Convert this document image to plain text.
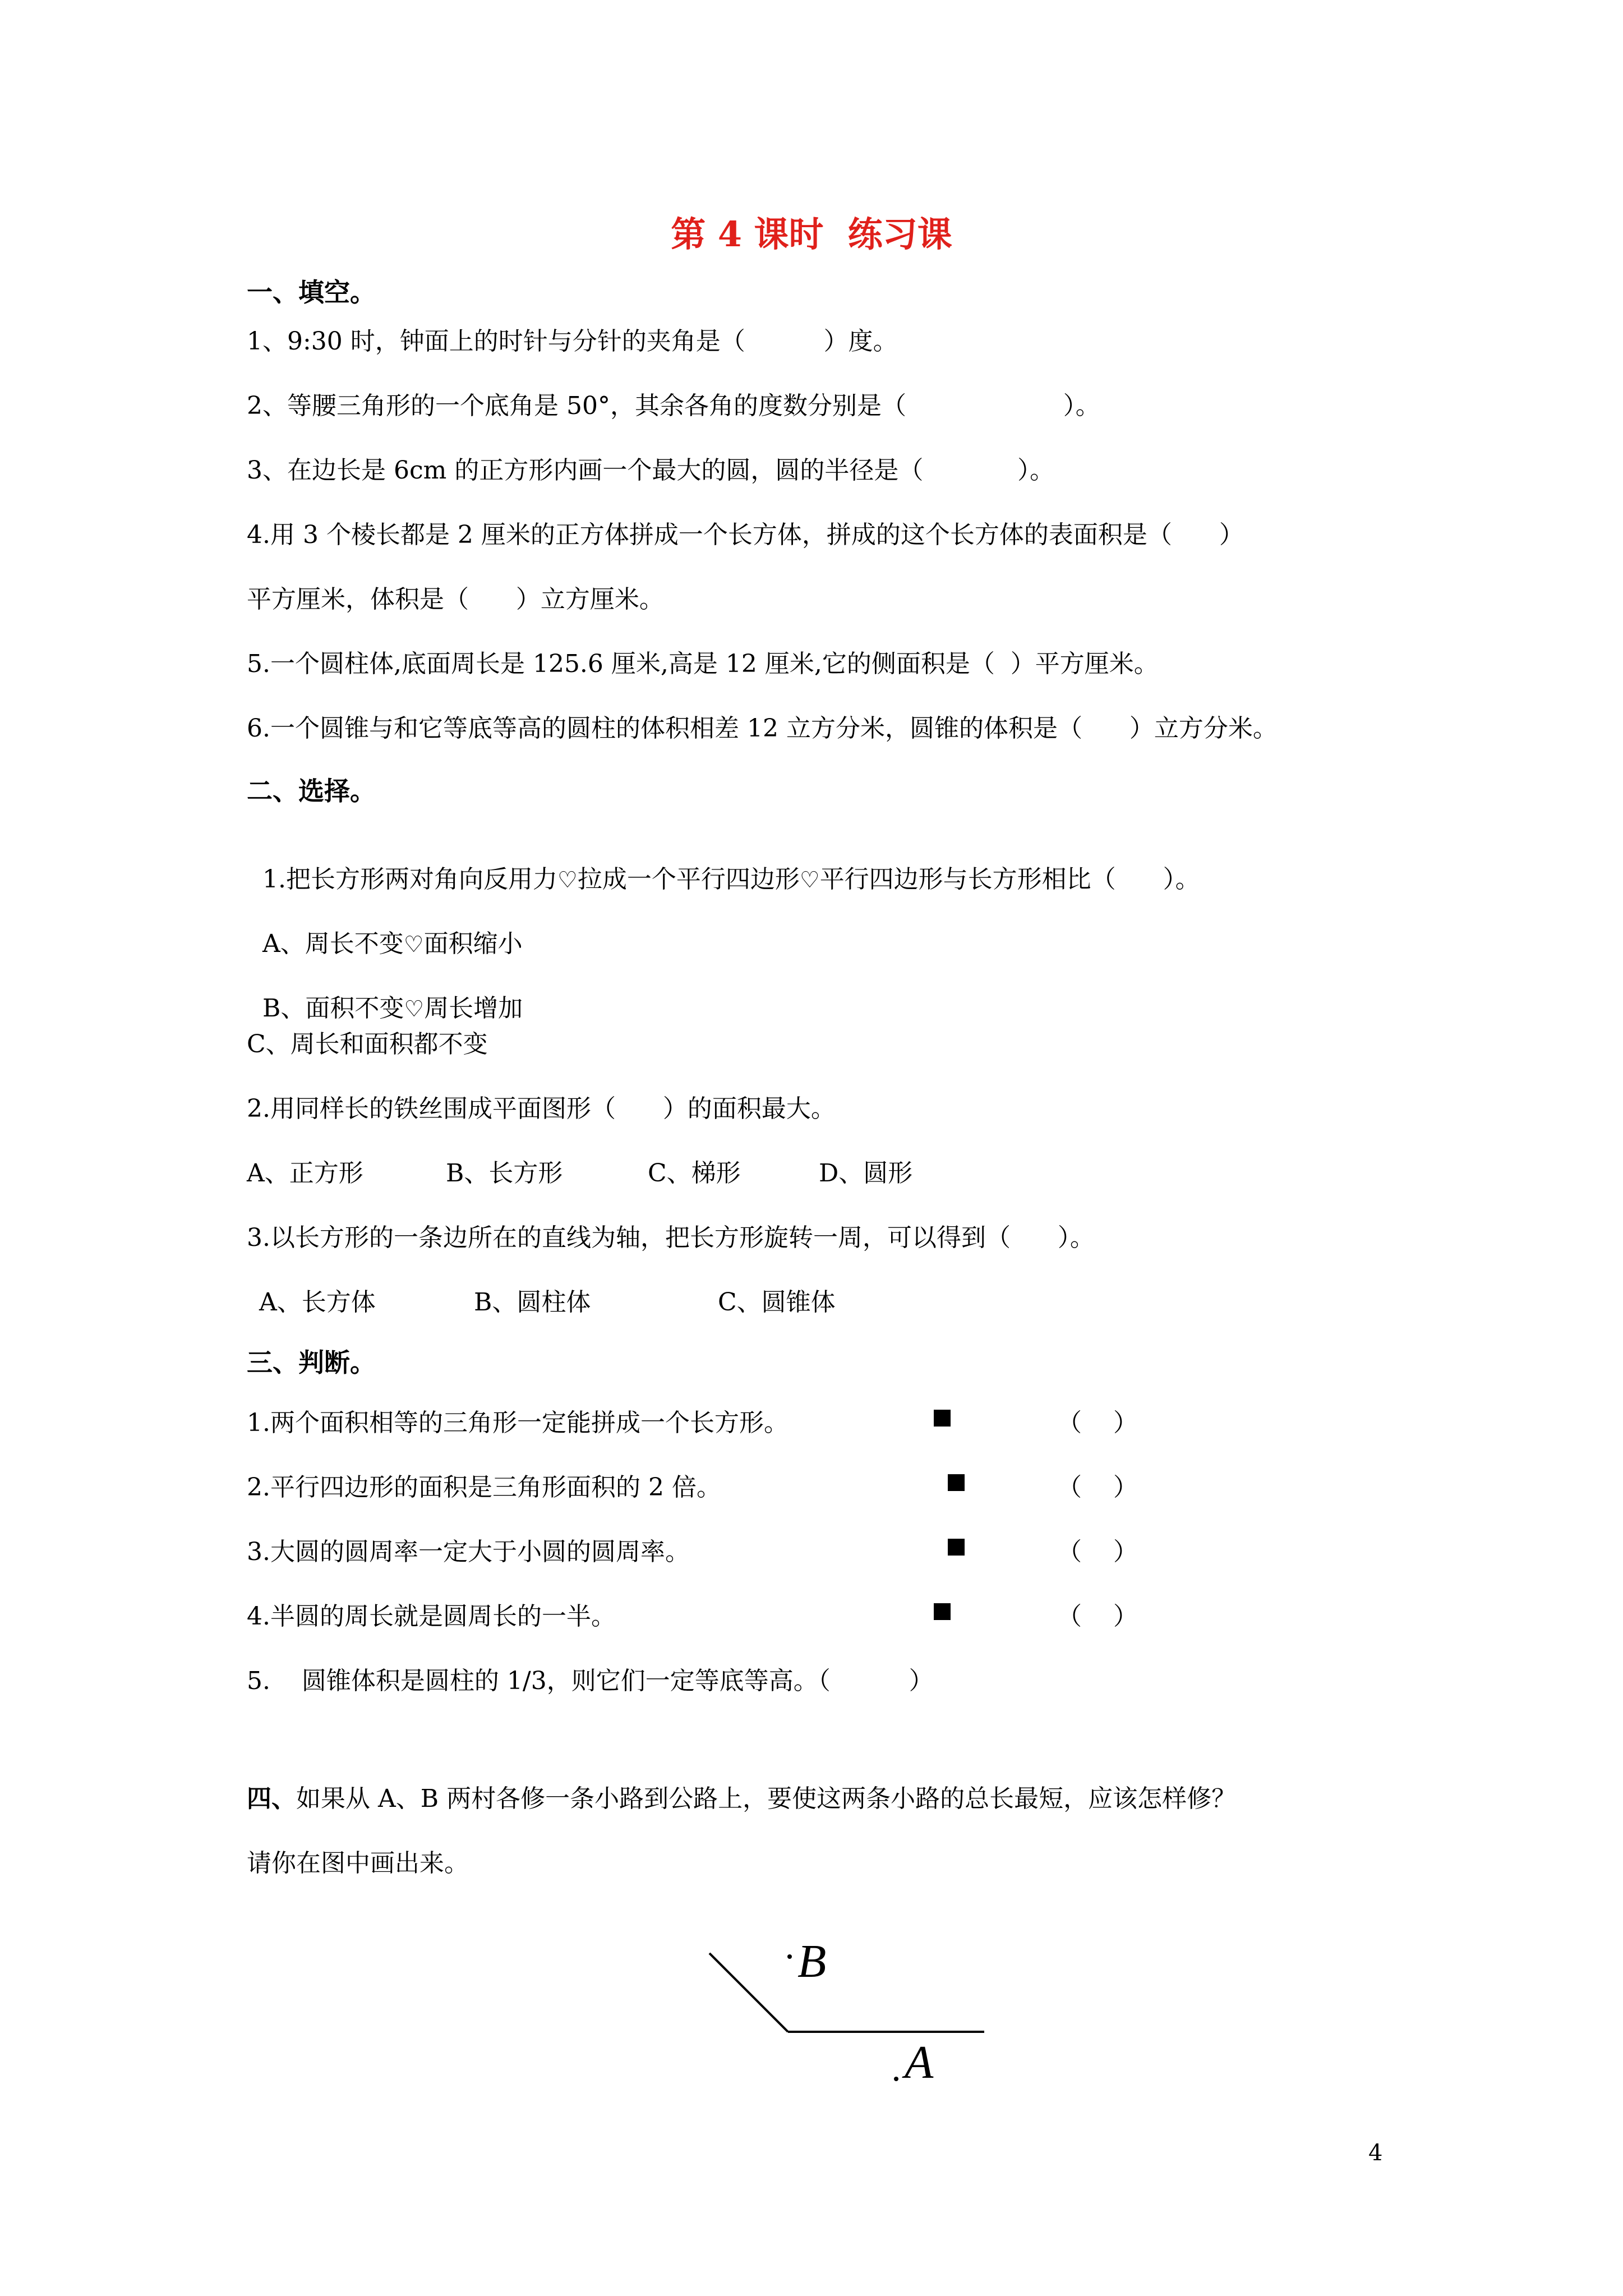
第 4 课时  练习课
一、填空。
1、9:30 时，钟面上的时针与分针的夹角是（          ）度。
2、等腰三角形的一个底角是 50°，其余各角的度数分别是（                    ）。
3、在边长是 6cm 的正方形内画一个最大的圆，圆的半径是（            ）。
4.用 3 个棱长都是 2 厘米的正方体拼成一个长方体，拼成的这个长方体的表面积是（      ）
平方厘米，体积是（      ）立方厘米。
5.一个圆柱体,底面周长是 125.6 厘米,高是 12 厘米,它的侧面积是（  ）平方厘米。
6.一个圆锥与和它等底等高的圆柱的体积相差 12 立方分米，圆锥的体积是（      ）立方分米。
二、选择。

1.把长方形两对角向反用力♡拉成一个平行四边形♡平行四边形与长方形相比（      ）。

A、周长不变♡面积缩小

B、面积不变♡周长增加

C、周长和面积都不变
2.用同样长的铁丝围成平面图形（      ）的面积最大。
A、正方形	B、长方形	C、梯形	D、圆形
3.以长方形的一条边所在的直线为轴，把长方形旋转一周，可以得到（      ）。
A、长方体	B、圆柱体	C、圆锥体
三、判断。
1.两个面积相等的三角形一定能拼成一个长方形。	（    ）
2.平行四边形的面积是三角形面积的 2 倍。	（    ）
3.大圆的圆周率一定大于小圆的圆周率。	（    ）
4.半圆的周长就是圆周长的一半。	（    ）
5.    圆锥体积是圆柱的 1/3，则它们一定等底等高。（          ）
四、如果从 A、B 两村各修一条小路到公路上，要使这两条小路的总长最短，应该怎样修？
请你在图中画出来。
B
A
4
